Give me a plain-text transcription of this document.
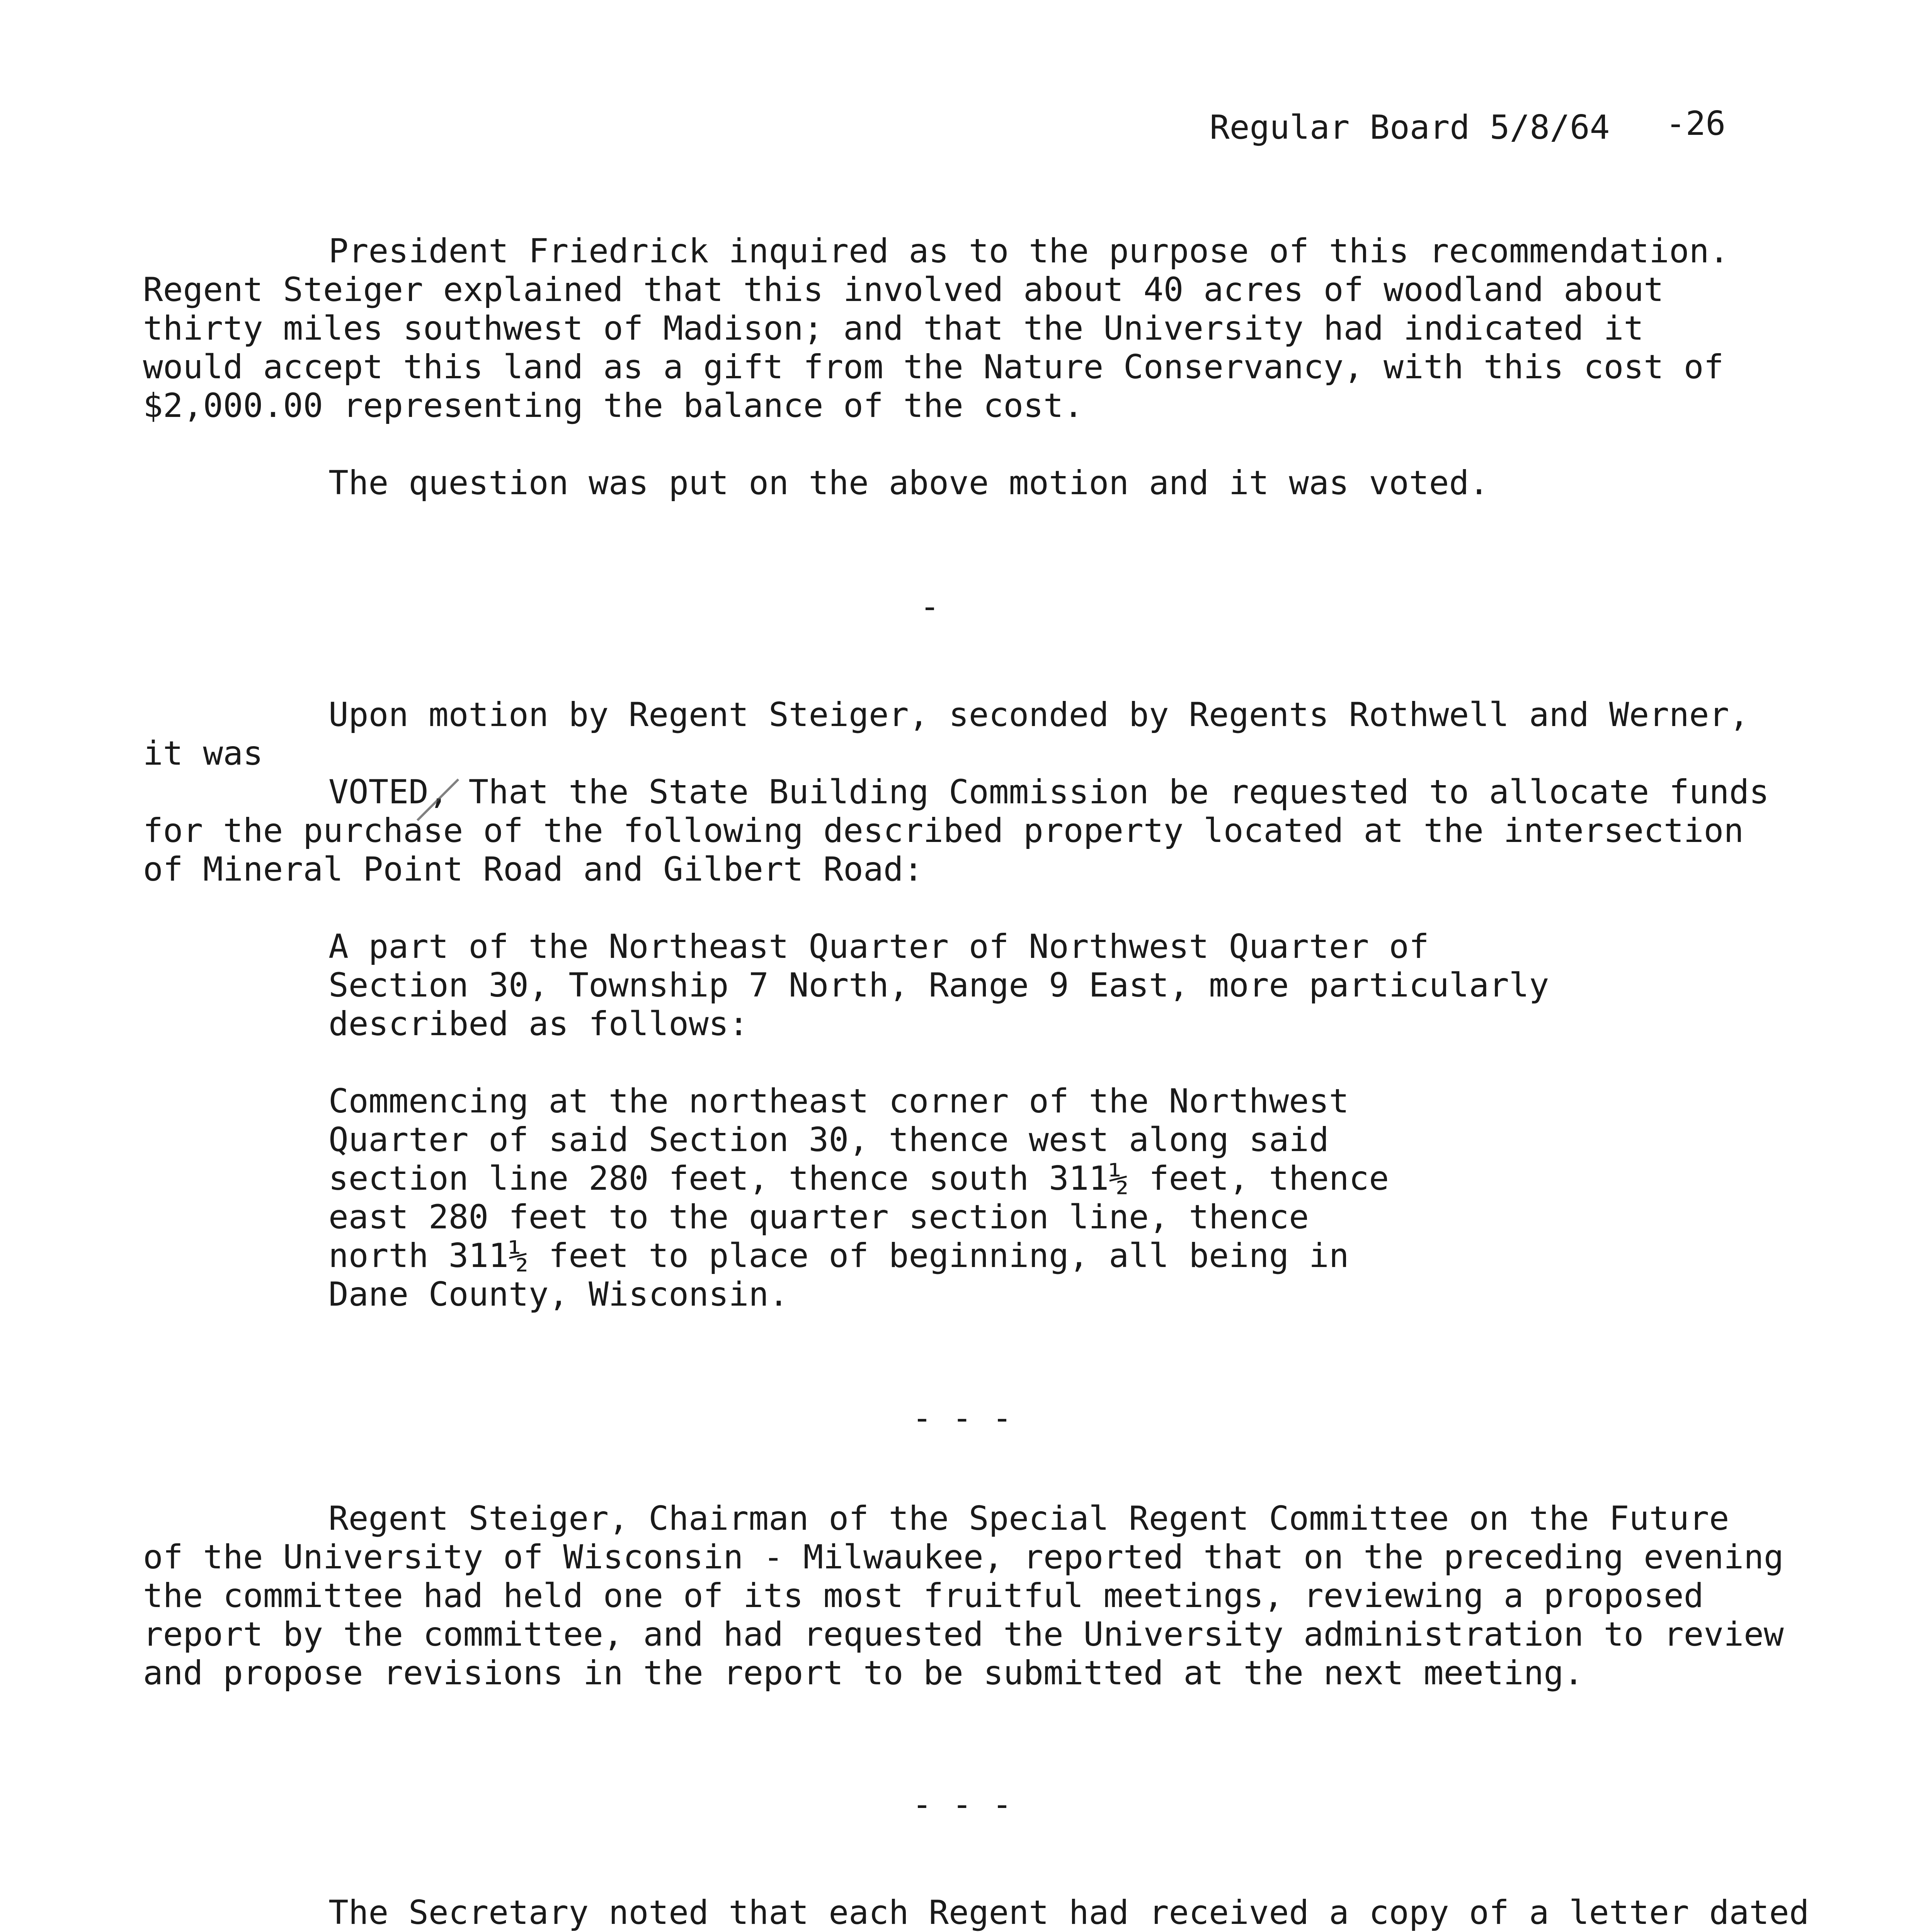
Regular Board 5/8/64 -26
President Friedrick inquired as to the purpose of this recommendation.
Regent Steiger explained that this involved about 40 acres of woodland about
thirty miles southwest of Madison; and that the University had indicated it
would accept this land as a gift from the Nature Conservancy, with this cost of
$2,000.00 representing the balance of the cost.
The question was put on the above motion and it was voted.
-
Upon motion by Regent Steiger, seconded by Regents Rothwell and Werner,
it was
VOTED, That the State Building Commission be requested to allocate funds
for the purchase of the following described property located at the intersection
of Mineral Point Road and Gilbert Road:
A part of the Northeast Quarter of Northwest Quarter of
Section 30, Township 7 North, Range 9 East, more particularly
described as follows:
Commencing at the northeast corner of the Northwest
Quarter of said Section 30, thence west along said
section line 280 feet, thence south 311½ feet, thence
east 280 feet to the quarter section line, thence
north 311½ feet to place of beginning, all being in
Dane County, Wisconsin.
- - -
Regent Steiger, Chairman of the Special Regent Committee on the Future
of the University of Wisconsin - Milwaukee, reported that on the preceding evening
the committee had held one of its most fruitful meetings, reviewing a proposed
report by the committee, and had requested the University administration to review
and propose revisions in the report to be submitted at the next meeting.
- - -
The Secretary noted that each Regent had received a copy of a letter dated
